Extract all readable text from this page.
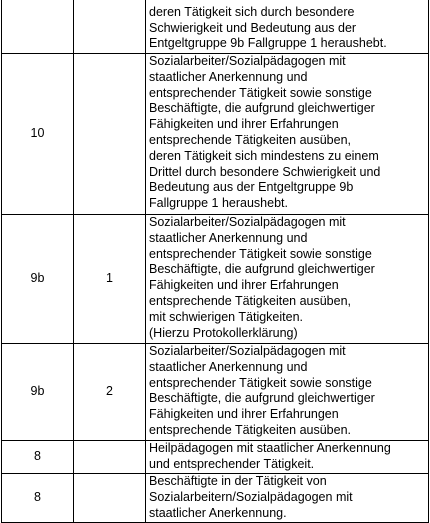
deren Tätigkeit sich durch besondere
Schwierigkeit und Bedeutung aus der
Entgeltgruppe 9b Fallgruppe 1 heraushebt.
10
Sozialarbeiter/Sozialpädagogen mit
staatlicher Anerkennung und
entsprechender Tätigkeit sowie sonstige
Beschäftigte, die aufgrund gleichwertiger
Fähigkeiten und ihrer Erfahrungen
entsprechende Tätigkeiten ausüben,
deren Tätigkeit sich mindestens zu einem
Drittel durch besondere Schwierigkeit und
Bedeutung aus der Entgeltgruppe 9b
Fallgruppe 1 heraushebt.
9b	1
Sozialarbeiter/Sozialpädagogen mit
staatlicher Anerkennung und
entsprechender Tätigkeit sowie sonstige
Beschäftigte, die aufgrund gleichwertiger
Fähigkeiten und ihrer Erfahrungen
entsprechende Tätigkeiten ausüben,
mit schwierigen Tätigkeiten.
(Hierzu Protokollerklärung)
9b	2
Sozialarbeiter/Sozialpädagogen mit
staatlicher Anerkennung und
entsprechender Tätigkeit sowie sonstige
Beschäftigte, die aufgrund gleichwertiger
Fähigkeiten und ihrer Erfahrungen
entsprechende Tätigkeiten ausüben.
8
Heilpädagogen mit staatlicher Anerkennung
und entsprechender Tätigkeit.
8
Beschäftigte in der Tätigkeit von
Sozialarbeitern/Sozialpädagogen mit
staatlicher Anerkennung.
